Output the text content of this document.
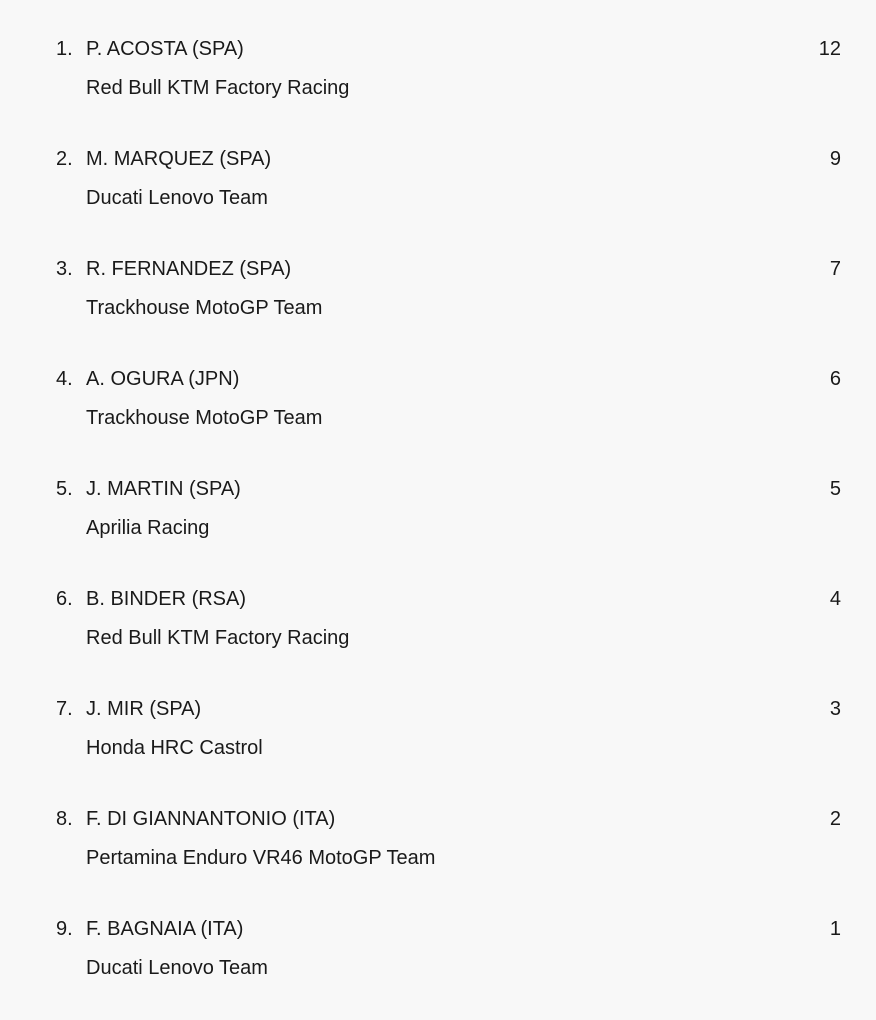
1. P. ACOSTA (SPA)
Red Bull KTM Factory Racing
12
2. M. MARQUEZ (SPA)
Ducati Lenovo Team
9
3. R. FERNANDEZ (SPA)
Trackhouse MotoGP Team
7
4. A. OGURA (JPN)
Trackhouse MotoGP Team
6
5. J. MARTIN (SPA)
Aprilia Racing
5
6. B. BINDER (RSA)
Red Bull KTM Factory Racing
4
7. J. MIR (SPA)
Honda HRC Castrol
3
8. F. DI GIANNANTONIO (ITA)
Pertamina Enduro VR46 MotoGP Team
2
9. F. BAGNAIA (ITA)
Ducati Lenovo Team
1
